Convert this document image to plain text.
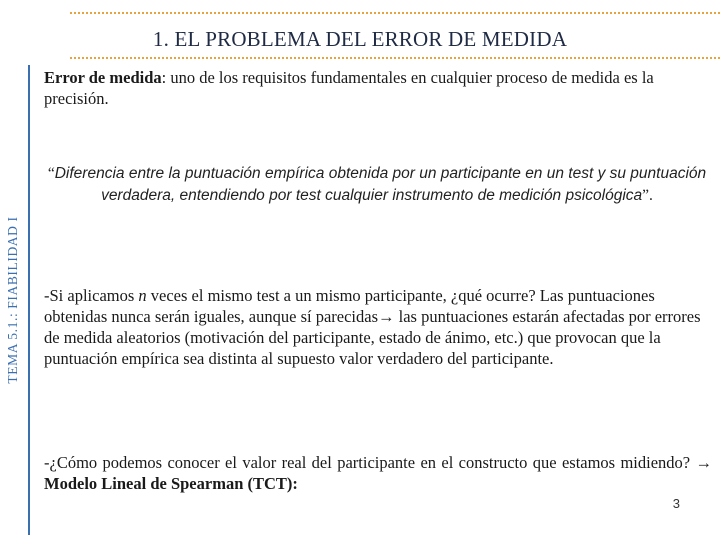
1. EL PROBLEMA DEL ERROR DE MEDIDA
TEMA 5.1.: FIABILIDAD I
Error de medida: uno de los requisitos fundamentales en cualquier proceso de medida es la precisión.
“Diferencia entre la puntuación empírica obtenida por un participante en un test y su puntuación verdadera, entendiendo por test cualquier instrumento de medición psicológica”.
-Si aplicamos n veces el mismo test a un mismo participante, ¿qué ocurre? Las puntuaciones obtenidas nunca serán iguales, aunque sí parecidas→ las puntuaciones estarán afectadas por errores de medida aleatorios (motivación del participante, estado de ánimo, etc.) que provocan que la puntuación empírica sea distinta al supuesto valor verdadero del participante.
-¿Cómo podemos conocer el valor real del participante en el constructo que estamos midiendo? → Modelo Lineal de Spearman (TCT):
3
